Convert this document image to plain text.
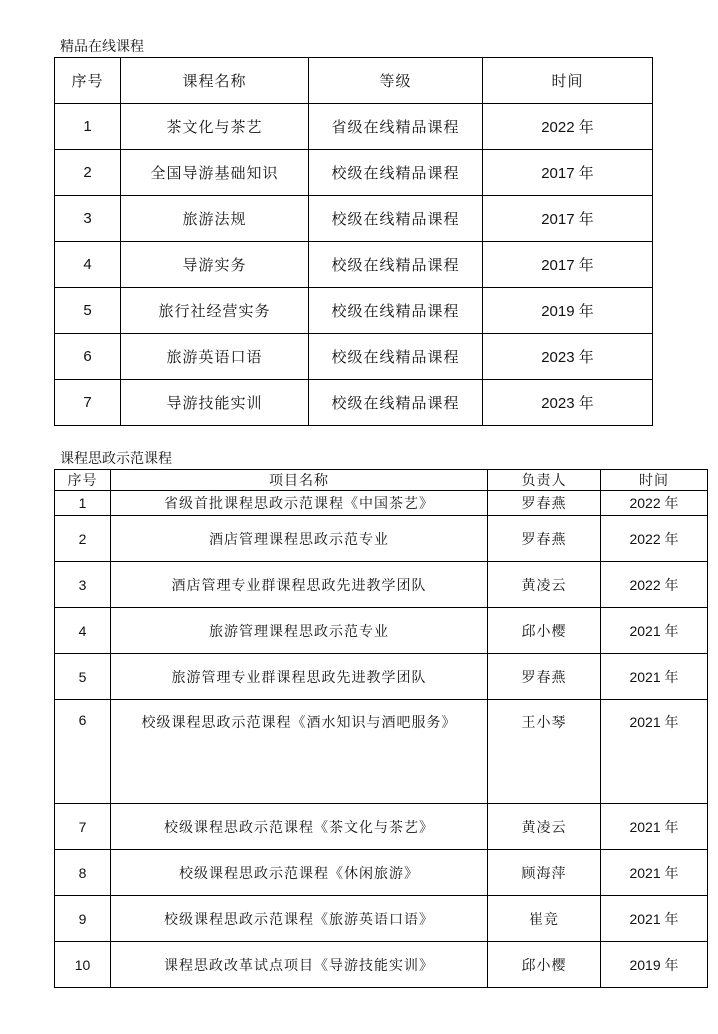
精品在线课程
序号	课程名称	等级	时间
1	茶文化与茶艺	省级在线精品课程	2022 年
2	全国导游基础知识	校级在线精品课程	2017 年
3	旅游法规	校级在线精品课程	2017 年
4	导游实务	校级在线精品课程	2017 年
5	旅行社经营实务	校级在线精品课程	2019 年
6	旅游英语口语	校级在线精品课程	2023 年
7	导游技能实训	校级在线精品课程	2023 年
课程思政示范课程
序号	项目名称	负责人	时间
1	省级首批课程思政示范课程《中国茶艺》	罗春燕	2022 年
2	酒店管理课程思政示范专业	罗春燕	2022 年
3	酒店管理专业群课程思政先进教学团队	黄凌云	2022 年
4	旅游管理课程思政示范专业	邱小樱	2021 年
5	旅游管理专业群课程思政先进教学团队	罗春燕	2021 年
6	校级课程思政示范课程《酒水知识与酒吧服务》	王小琴	2021 年
7	校级课程思政示范课程《茶文化与茶艺》	黄凌云	2021 年
8	校级课程思政示范课程《休闲旅游》	顾海萍	2021 年
9	校级课程思政示范课程《旅游英语口语》	崔竞	2021 年
10	课程思政改革试点项目《导游技能实训》	邱小樱	2019 年
